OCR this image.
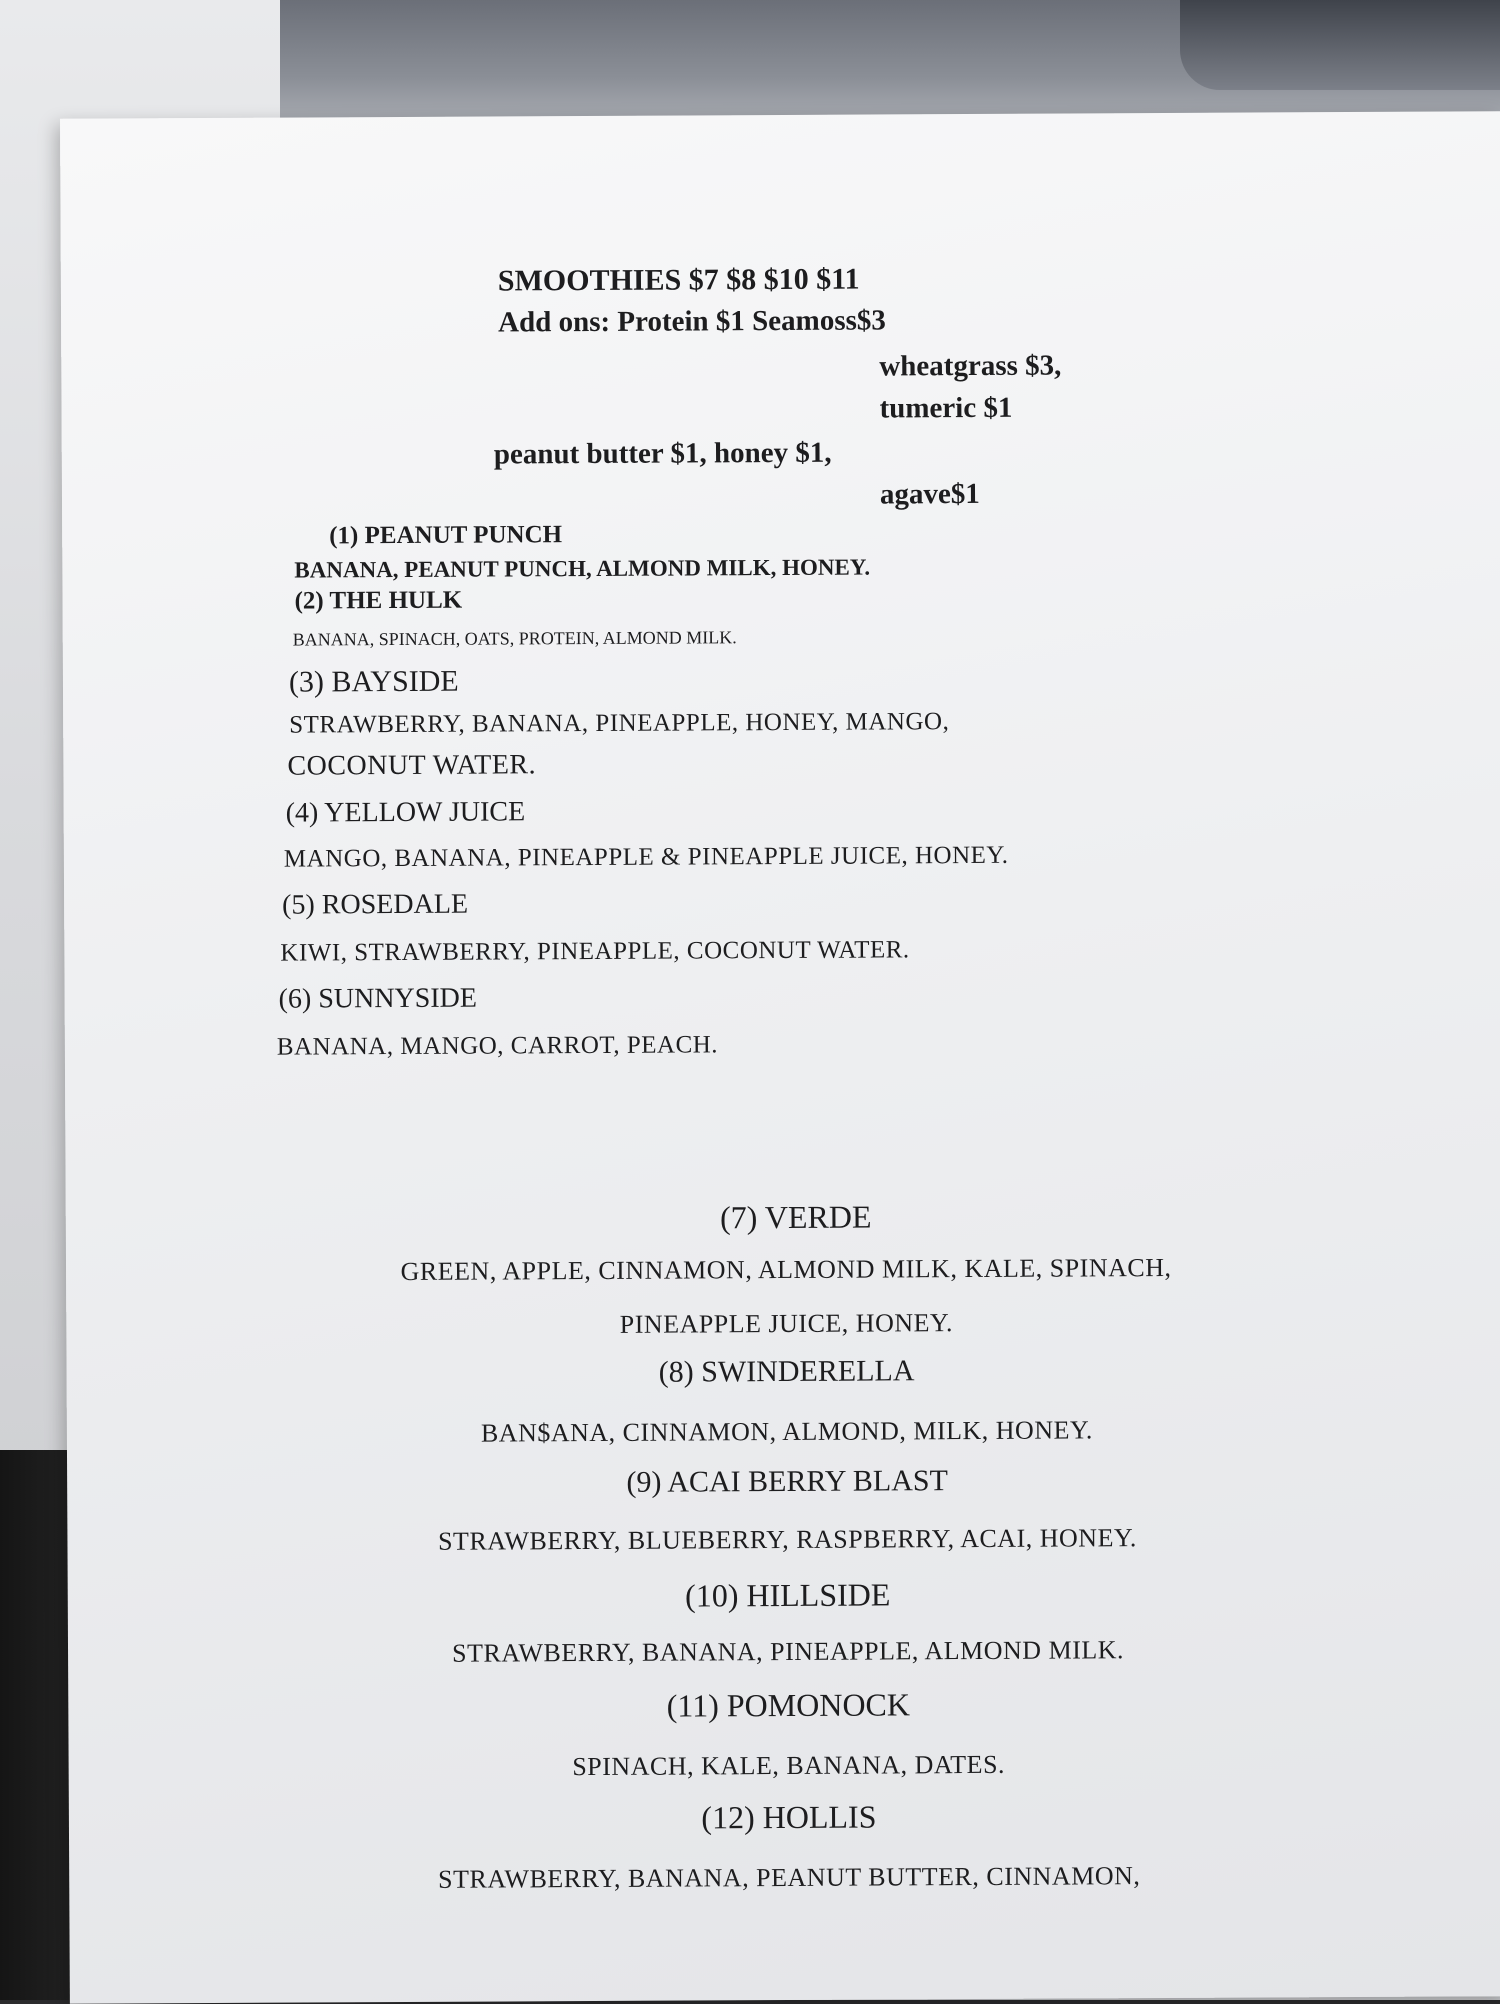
SMOOTHIES $7 $8 $10 $11
Add ons: Protein $1 Seamoss$3
wheatgrass $3,
tumeric $1
peanut butter $1, honey $1,
agave$1
(1) PEANUT PUNCH
BANANA, PEANUT PUNCH, ALMOND MILK, HONEY.
(2) THE HULK
BANANA, SPINACH, OATS, PROTEIN, ALMOND MILK.
(3) BAYSIDE
STRAWBERRY, BANANA, PINEAPPLE, HONEY, MANGO,
COCONUT WATER.
(4) YELLOW JUICE
MANGO, BANANA, PINEAPPLE & PINEAPPLE JUICE, HONEY.
(5) ROSEDALE
KIWI, STRAWBERRY, PINEAPPLE, COCONUT WATER.
(6) SUNNYSIDE
BANANA, MANGO, CARROT, PEACH.
(7) VERDE
GREEN, APPLE, CINNAMON, ALMOND MILK, KALE, SPINACH,
PINEAPPLE JUICE, HONEY.
(8) SWINDERELLA
BAN$ANA, CINNAMON, ALMOND, MILK, HONEY.
(9) ACAI BERRY BLAST
STRAWBERRY, BLUEBERRY, RASPBERRY, ACAI, HONEY.
(10) HILLSIDE
STRAWBERRY, BANANA, PINEAPPLE, ALMOND MILK.
(11) POMONOCK
SPINACH, KALE, BANANA, DATES.
(12) HOLLIS
STRAWBERRY, BANANA, PEANUT BUTTER, CINNAMON,
